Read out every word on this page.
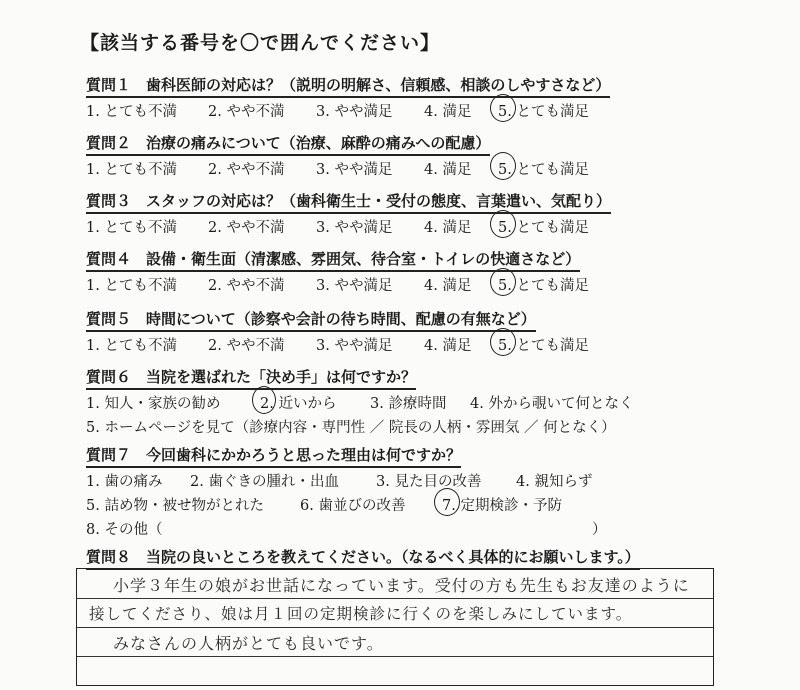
【該当する番号を〇で囲んでください】
質問１　歯科医師の対応は？（説明の明解さ、信頼感、相談のしやすさなど）
1. とても不満 2. やや不満 3. やや満足 4. 満足 5. とても満足
質問２　治療の痛みについて（治療、麻酔の痛みへの配慮）
1. とても不満 2. やや不満 3. やや満足 4. 満足 5. とても満足
質問３　スタッフの対応は？（歯科衛生士・受付の態度、言葉遣い、気配り）
1. とても不満 2. やや不満 3. やや満足 4. 満足 5. とても満足
質問４　設備・衛生面（清潔感、雰囲気、待合室・トイレの快適さなど）
1. とても不満 2. やや不満 3. やや満足 4. 満足 5. とても満足
質問５　時間について（診察や会計の待ち時間、配慮の有無など）
1. とても不満 2. やや不満 3. やや満足 4. 満足 5. とても満足
質問６　当院を選ばれた「決め手」は何ですか？
1. 知人・家族の勧め	2. 近いから 3. 診療時間 4. 外から覗いて何となく
5. ホームページを見て（診療内容・専門性 ／ 院長の人柄・雰囲気 ／ 何となく）
質問７　今回歯科にかかろうと思った理由は何ですか？
1. 歯の痛み 2. 歯ぐきの腫れ・出血	3. 見た目の改善 4. 親知らず
5. 詰め物・被せ物がとれた 6. 歯並びの改善	7. 定期検診・予防
8. その他（	）
質問８　当院の良いところを教えてください。（なるべく具体的にお願いします。）
小学３年生の娘がお世話になっています。受付の方も先生もお友達のように
接してくださり、娘は月１回の定期検診に行くのを楽しみにしています。
みなさんの人柄がとても良いです。
